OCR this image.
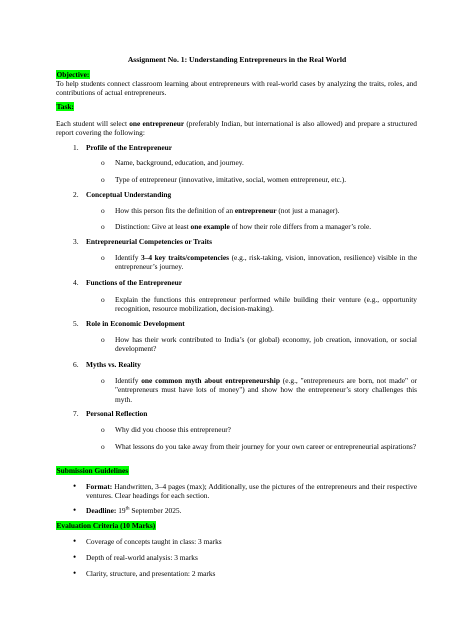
Assignment No. 1: Understanding Entrepreneurs in the Real World
Objective:
To help students connect classroom learning about entrepreneurs with real-world cases by analyzing the traits, roles, and contributions of actual entrepreneurs.
Task:
Each student will select one entrepreneur (preferably Indian, but international is also allowed) and prepare a structured report covering the following:
1. Profile of the Entrepreneur
o Name, background, education, and journey.
o Type of entrepreneur (innovative, imitative, social, women entrepreneur, etc.).
2. Conceptual Understanding
o How this person fits the definition of an entrepreneur (not just a manager).
o Distinction: Give at least one example of how their role differs from a manager’s role.
3. Entrepreneurial Competencies or Traits
o Identify 3–4 key traits/competencies (e.g., risk-taking, vision, innovation, resilience) visible in the entrepreneur’s journey.
4. Functions of the Entrepreneur
o Explain the functions this entrepreneur performed while building their venture (e.g., opportunity recognition, resource mobilization, decision-making).
5. Role in Economic Development
o How has their work contributed to India’s (or global) economy, job creation, innovation, or social development?
6. Myths vs. Reality
o Identify one common myth about entrepreneurship (e.g., "entrepreneurs are born, not made" or "entrepreneurs must have lots of money") and show how the entrepreneur’s story challenges this myth.
7. Personal Reflection
o Why did you choose this entrepreneur?
o What lessons do you take away from their journey for your own career or entrepreneurial aspirations?
Submission Guidelines
• Format: Handwritten, 3–4 pages (max); Additionally, use the pictures of the entrepreneurs and their respective ventures. Clear headings for each section.
• Deadline: 19th September 2025.
Evaluation Criteria (10 Marks)
• Coverage of concepts taught in class: 3 marks
• Depth of real-world analysis: 3 marks
• Clarity, structure, and presentation: 2 marks
